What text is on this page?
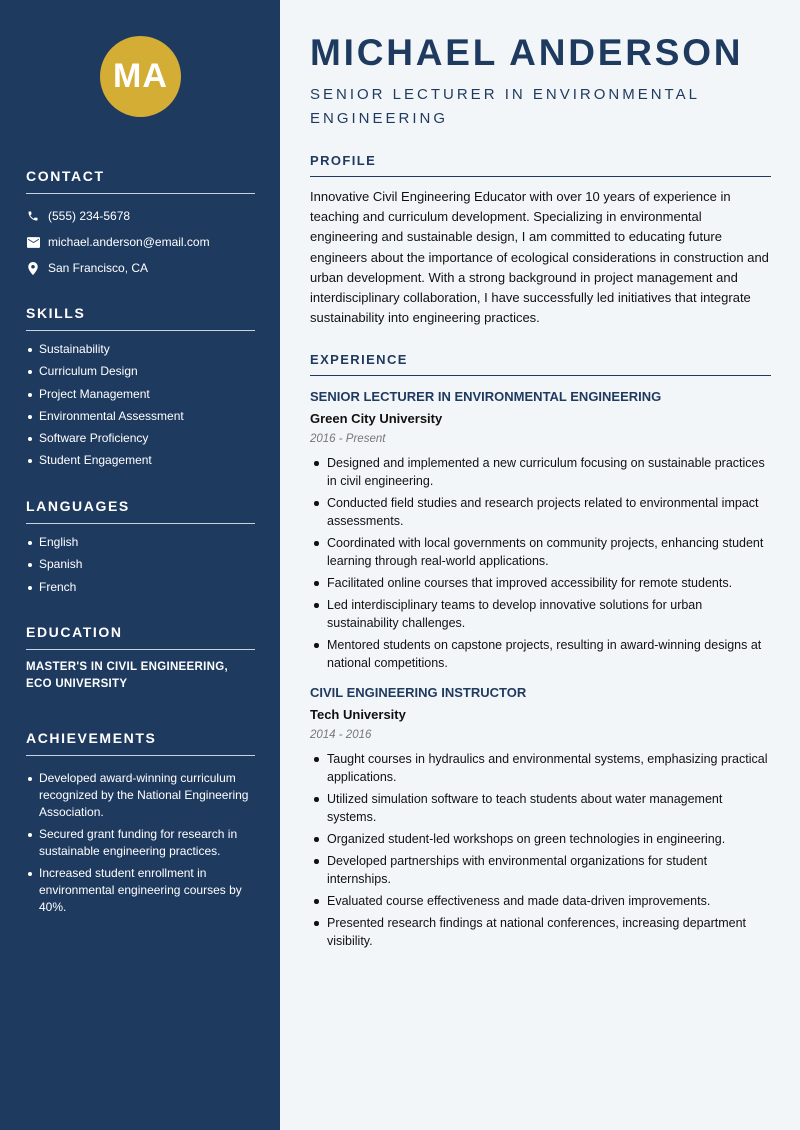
MA
CONTACT
(555) 234-5678
michael.anderson@email.com
San Francisco, CA
SKILLS
Sustainability
Curriculum Design
Project Management
Environmental Assessment
Software Proficiency
Student Engagement
LANGUAGES
English
Spanish
French
EDUCATION
MASTER'S IN CIVIL ENGINEERING, ECO UNIVERSITY
ACHIEVEMENTS
Developed award-winning curriculum recognized by the National Engineering Association.
Secured grant funding for research in sustainable engineering practices.
Increased student enrollment in environmental engineering courses by 40%.
MICHAEL ANDERSON
SENIOR LECTURER IN ENVIRONMENTAL ENGINEERING
PROFILE

Innovative Civil Engineering Educator with over 10 years of experience in teaching and curriculum development. Specializing in environmental engineering and sustainable design, I am committed to educating future engineers about the importance of ecological considerations in construction and urban development. With a strong background in project management and interdisciplinary collaboration, I have successfully led initiatives that integrate sustainability into engineering practices.

EXPERIENCE
SENIOR LECTURER IN ENVIRONMENTAL ENGINEERING
Green City University
2016 - Present
Designed and implemented a new curriculum focusing on sustainable practices in civil engineering.
Conducted field studies and research projects related to environmental impact assessments.
Coordinated with local governments on community projects, enhancing student learning through real-world applications.
Facilitated online courses that improved accessibility for remote students.
Led interdisciplinary teams to develop innovative solutions for urban sustainability challenges.
Mentored students on capstone projects, resulting in award-winning designs at national competitions.
CIVIL ENGINEERING INSTRUCTOR
Tech University
2014 - 2016
Taught courses in hydraulics and environmental systems, emphasizing practical applications.
Utilized simulation software to teach students about water management systems.
Organized student-led workshops on green technologies in engineering.
Developed partnerships with environmental organizations for student internships.
Evaluated course effectiveness and made data-driven improvements.
Presented research findings at national conferences, increasing department visibility.
